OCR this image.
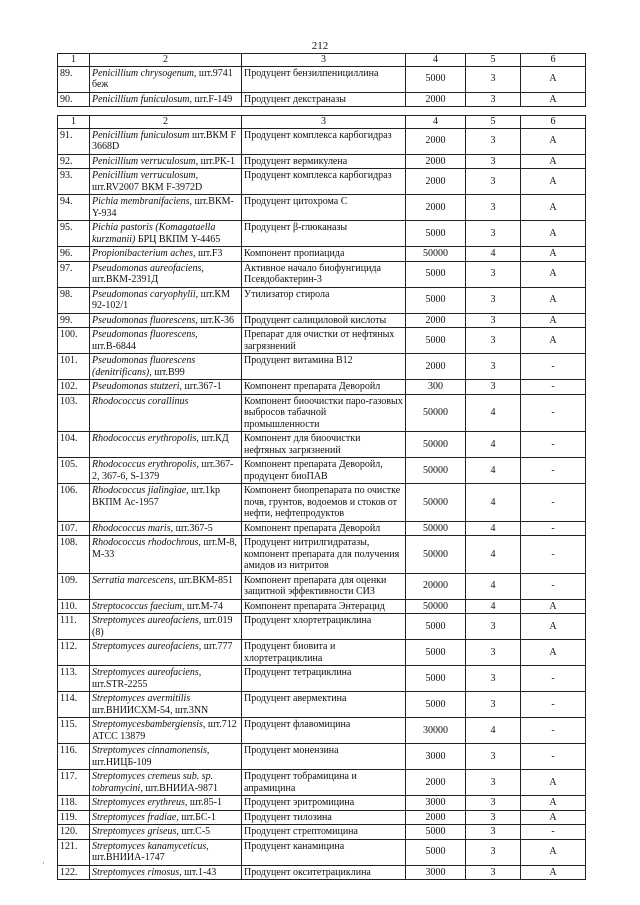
212
1	2	3	4	5	6
89.	Penicillium chrysogenum, шт.9741 беж	Продуцент бензилпенициллина	5000	3	А
90.	Penicillium funiculosum, шт.F-149	Продуцент декстраназы	2000	3	А

1	2	3	4	5	6
91.	Penicillium funiculosum шт.ВКМ F 3668D	Продуцент комплекса карбогидраз	2000	3	А
92.	Penicillium verruculosum, шт.РК-1	Продуцент вермикулена	2000	3	А
93.	Penicillium verruculosum, шт.RV2007 ВКМ F-3972D	Продуцент комплекса карбогидраз	2000	3	А
94.	Pichia membranifaciens, шт.ВКМ-Y-934	Продуцент цитохрома С	2000	3	А
95.	Pichia pastoris (Komagataella kurzmanii) БРЦ ВКПМ Y-4465	Продуцент β-глюканазы	5000	3	А
96.	Propionibacterium aches, шт.F3	Компонент пропиацида	50000	4	А
97.	Pseudomonas aureofaciens, шт.ВКМ-2391Д	Активное начало биофунгицида Псевдобактерин-3	5000	3	А
98.	Pseudomonas caryophylii, шт.КМ 92-102/1	Утилизатор стирола	5000	3	А
99.	Pseudomonas fluorescens, шт.К-36	Продуцент салициловой кислоты	2000	3	А
100.	Pseudomonas fluorescens, шт.В-6844	Препарат для очистки от нефтяных загрязнений	5000	3	А
101.	Pseudomonas fluorescens (denitrificans), шт.В99	Продуцент витамина В12	2000	3	-
102.	Pseudomonas stutzeri, шт.367-1	Компонент препарата Деворойл	300	3	-
103.	Rhodococcus corallinus	Компонент биоочистки паро-газовых выбросов табачной промышленности	50000	4	-
104.	Rhodococcus erythropolis, шт.КД	Компонент для биоочистки нефтяных загрязнений	50000	4	-
105.	Rhodococcus erythropolis, шт.367-2, 367-6, S-1379	Компонент препарата Деворойл, продуцент биоПАВ	50000	4	-
106.	Rhodococcus jialingiae, шт.1kp ВКПМ Ас-1957	Компонент биопрепарата по очистке почв, грунтов, водоемов и стоков от нефти, нефтепродуктов	50000	4	-
107.	Rhodococcus maris, шт.367-5	Компонент препарата Деворойл	50000	4	-
108.	Rhodococcus rhodochrous, шт.М-8, М-33	Продуцент нитрилгидратазы, компонент препарата для получения амидов из нитритов	50000	4	-
109.	Serratia marcescens, шт.ВКМ-851	Компонент препарата для оценки защитной эффективности СИЗ	20000	4	-
110.	Streptococcus faecium, шт.М-74	Компонент препарата Энтерацид	50000	4	А
111.	Streptomyces aureofaciens, шт.019 (8)	Продуцент хлортетрациклина	5000	3	А
112.	Streptomyces aureofaciens, шт.777	Продуцент биовита и хлортетрациклина	5000	3	А
113.	Streptomyces aureofaciens, шт.STR-2255	Продуцент тетрациклина	5000	3	-
114.	Streptomyces avermitilis шт.ВНИИСХМ-54, шт.3NN	Продуцент авермектина	5000	3	-
115.	Streptomycesbambergiensis, шт.712 АТСС 13879	Продуцент флавомицина	30000	4	-
116.	Streptomyces cinnamonensis, шт.НИЦБ-109	Продуцент монензина	3000	3	-
117.	Streptomyces cremeus sub. sp. tobramycini, шт.ВНИИА-9871	Продуцент тобрамицина и апрамицина	2000	3	А
118.	Streptomyces erythreus, шт.85-1	Продуцент эритромицина	3000	3	А
119.	Streptomyces fradiae, шт.БС-1	Продуцент тилозина	2000	3	А
120.	Streptomyces griseus, шт.С-5	Продуцент стрептомицина	5000	3	-
121.	Streptomyces kanamyceticus, шт.ВНИИА-1747	Продуцент канамицина	5000	3	А
122.	Streptomyces rimosus, шт.1-43	Продуцент окситетрациклина	3000	3	А
·
